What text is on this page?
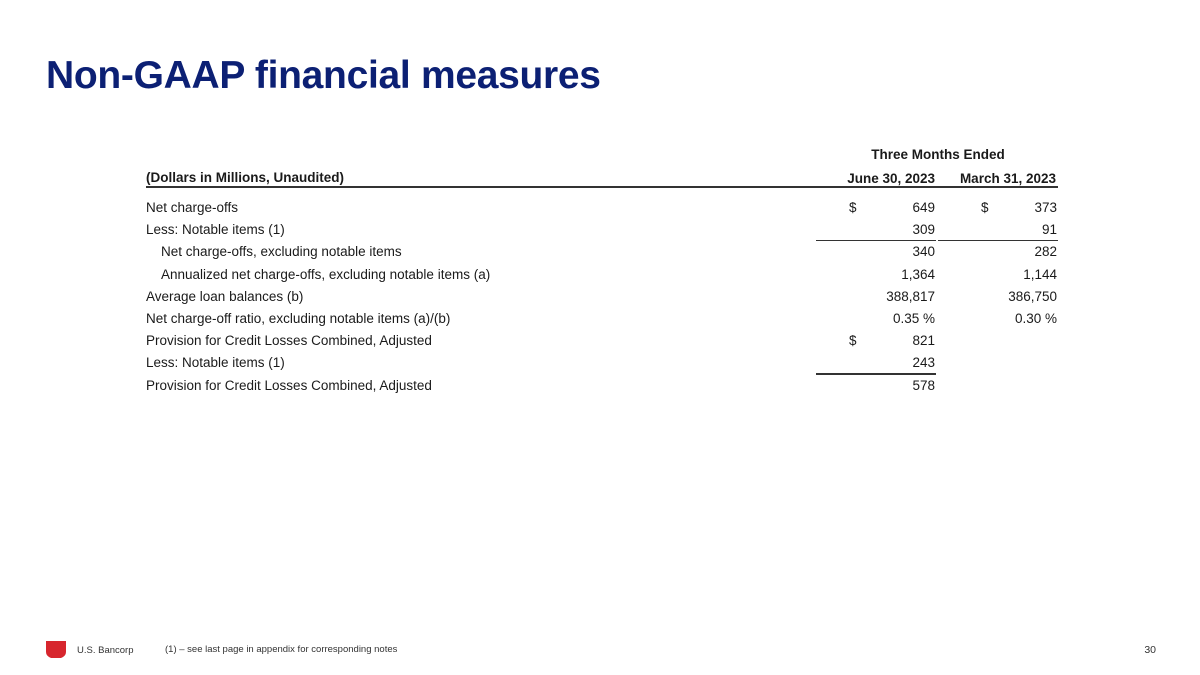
Non-GAAP financial measures
Three Months Ended
(Dollars in Millions, Unaudited)	June 30, 2023	March 31, 2023
Net charge-offs	$	649	$	373
Less: Notable items (1)	309	91
Net charge-offs, excluding notable items	340	282
Annualized net charge-offs, excluding notable items (a)	1,364	1,144
Average loan balances (b)	388,817	386,750
Net charge-off ratio, excluding notable items (a)/(b)	0.35 %	0.30 %
Provision for Credit Losses Combined, Adjusted	$	821
Less: Notable items (1)	243
Provision for Credit Losses Combined, Adjusted	578
U.S. Bancorp	(1) – see last page in appendix for corresponding notes	30
